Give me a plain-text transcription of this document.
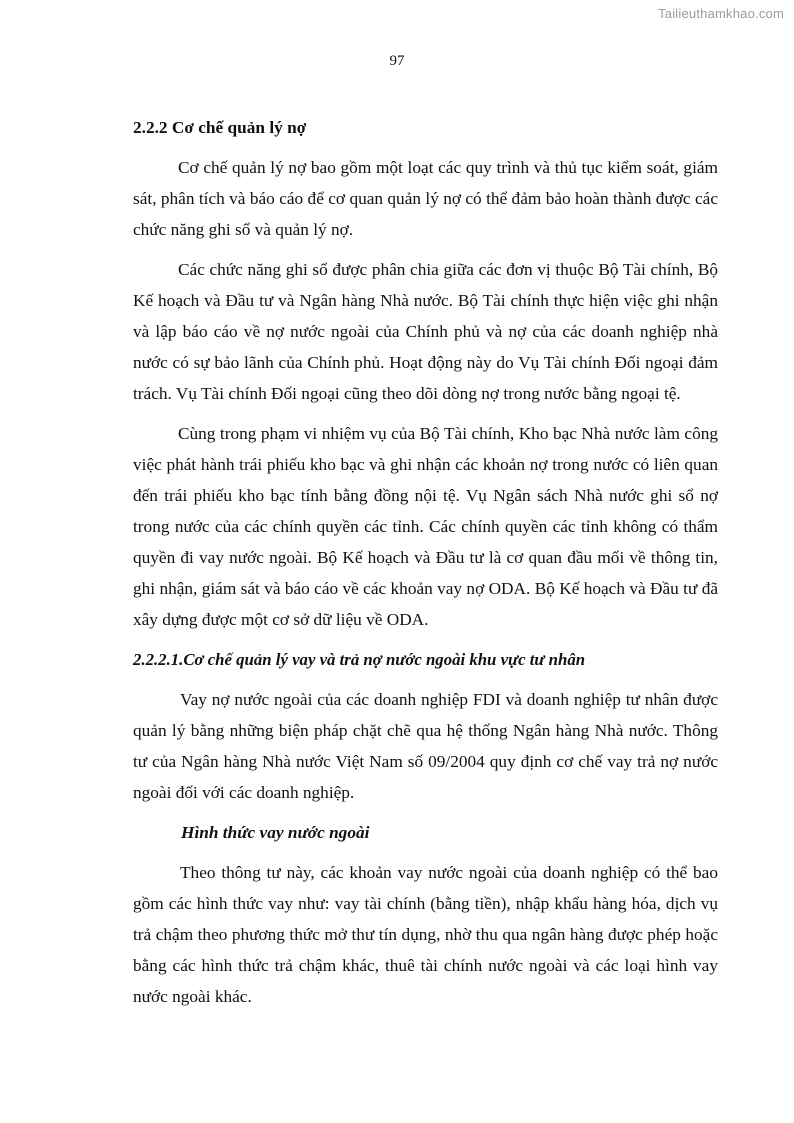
Tailieuthamkhao.com
97

2.2.2 Cơ chế quản lý nợ

Cơ chế quản lý nợ bao gồm một loạt các quy trình và thủ tục kiểm soát, giám sát, phân tích và báo cáo để cơ quan quản lý nợ có thể đảm bảo hoàn thành được các chức năng ghi sổ và quản lý nợ.

Các chức năng ghi sổ được phân chia giữa các đơn vị thuộc Bộ Tài chính, Bộ Kế hoạch và Đầu tư và Ngân hàng Nhà nước. Bộ Tài chính thực hiện việc ghi nhận và lập báo cáo về nợ nước ngoài của Chính phủ và nợ của các doanh nghiệp nhà nước có sự bảo lãnh của Chính phủ. Hoạt động này do Vụ Tài chính Đối ngoại đảm trách. Vụ Tài chính Đối ngoại cũng theo dõi dòng nợ trong nước bằng ngoại tệ.

Cùng trong phạm vi nhiệm vụ của Bộ Tài chính, Kho bạc Nhà nước làm công việc phát hành trái phiếu kho bạc và ghi nhận các khoản nợ trong nước có liên quan đến trái phiếu kho bạc tính bằng đồng nội tệ. Vụ Ngân sách Nhà nước ghi sổ nợ trong nước của các chính quyền các tỉnh. Các chính quyền các tỉnh không có thẩm quyền đi vay nước ngoài. Bộ Kế hoạch và Đầu tư là cơ quan đầu mối về thông tin, ghi nhận, giám sát và báo cáo về các khoản vay nợ ODA. Bộ Kế hoạch và Đầu tư đã xây dựng được một cơ sở dữ liệu về ODA.

2.2.2.1.Cơ chế quản lý vay và trả nợ nước ngoài khu vực tư nhân

Vay nợ nước ngoài của các doanh nghiệp FDI và doanh nghiệp tư nhân được quản lý bằng những biện pháp chặt chẽ qua hệ thống Ngân hàng Nhà nước. Thông tư của Ngân hàng Nhà nước Việt Nam số 09/2004 quy định cơ chế vay trả nợ nước ngoài đối với các doanh nghiệp.

Hình thức vay nước ngoài

Theo thông tư này, các khoản vay nước ngoài của doanh nghiệp có thể bao gồm các hình thức vay như: vay tài chính (bằng tiền), nhập khẩu hàng hóa, dịch vụ trả chậm theo phương thức mở thư tín dụng, nhờ thu qua ngân hàng được phép hoặc bằng các hình thức trả chậm khác, thuê tài chính nước ngoài và các loại hình vay nước ngoài khác.
